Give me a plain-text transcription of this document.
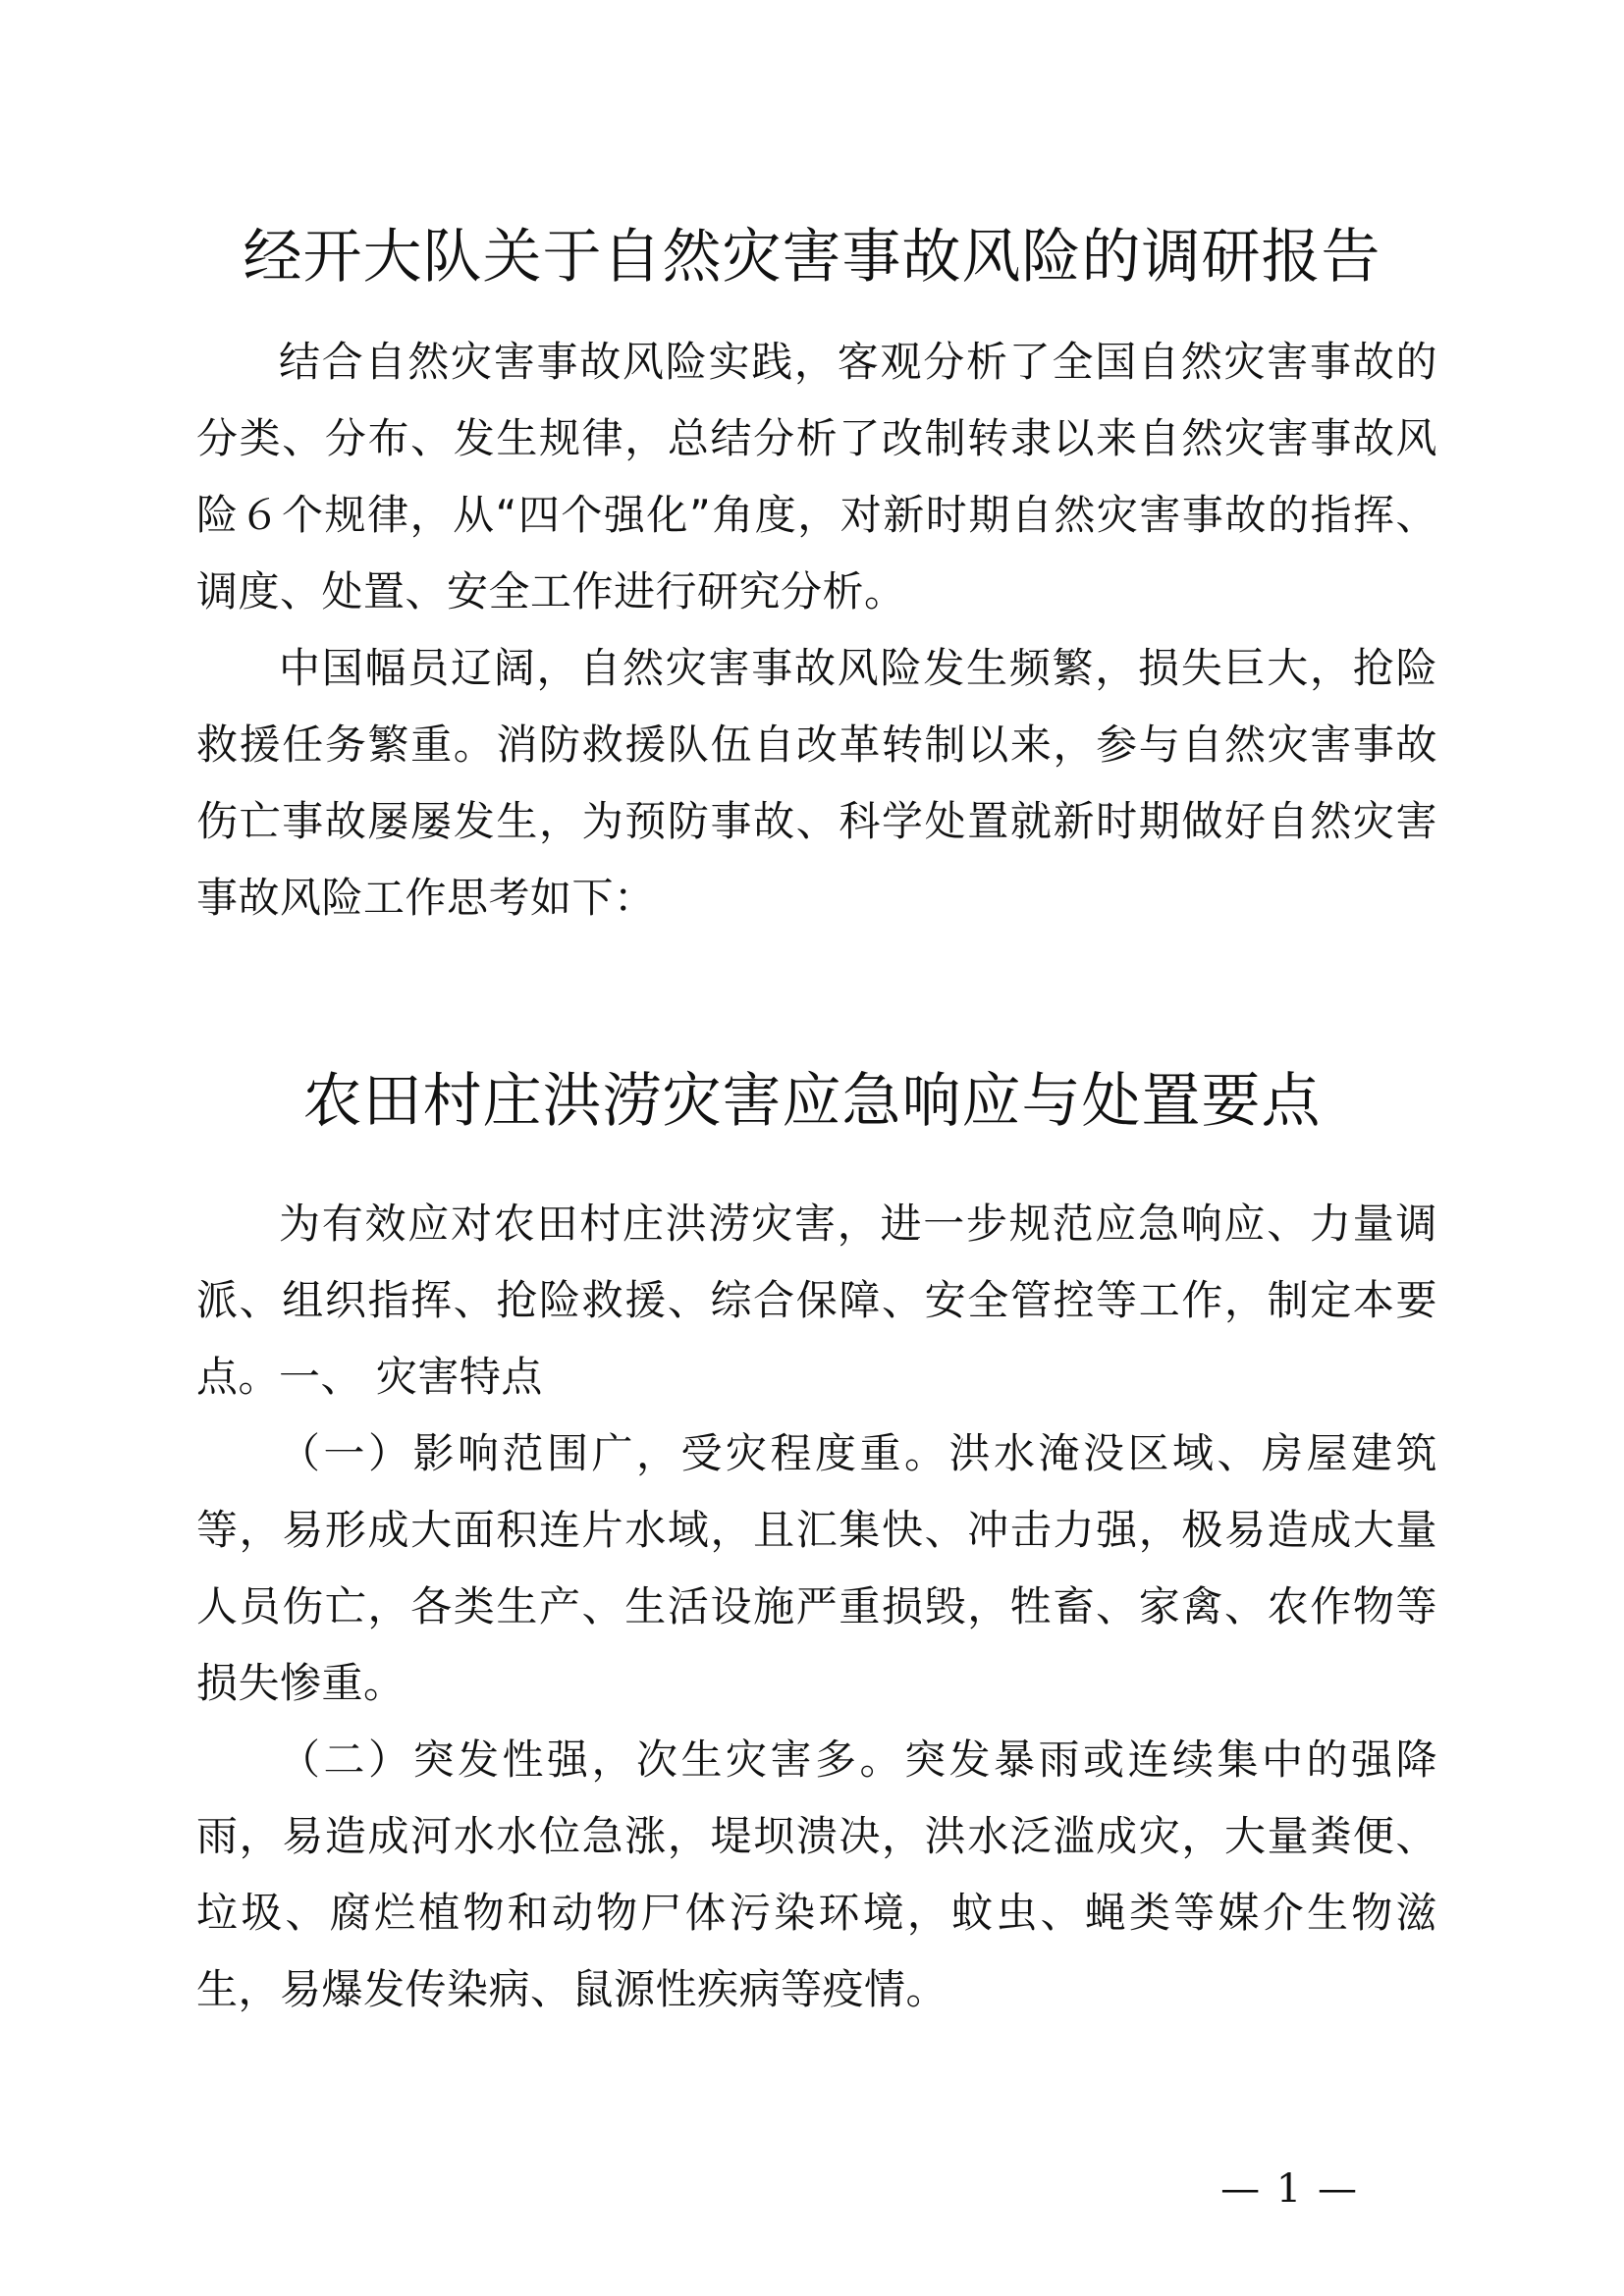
经开大队关于自然灾害事故风险的调研报告

结合自然灾害事故风险实践，客观分析了全国自然灾害事故的分类、分布、发生规律，总结分析了改制转隶以来自然灾害事故风险６个规律，从“四个强化”角度，对新时期自然灾害事故的指挥、调度、处置、安全工作进行研究分析。

中国幅员辽阔，自然灾害事故风险发生频繁，损失巨大，抢险救援任务繁重。消防救援队伍自改革转制以来，参与自然灾害事故伤亡事故屡屡发生，为预防事故、科学处置就新时期做好自然灾害事故风险工作思考如下：

农田村庄洪涝灾害应急响应与处置要点

为有效应对农田村庄洪涝灾害，进一步规范应急响应、力量调派、组织指挥、抢险救援、综合保障、安全管控等工作，制定本要点。

一、 灾害特点

（一）影响范围广，受灾程度重。洪水淹没区域、房屋建筑等，易形成大面积连片水域，且汇集快、冲击力强，极易造成大量人员伤亡，各类生产、生活设施严重损毁，牲畜、家禽、农作物等损失惨重。

（二）突发性强，次生灾害多。突发暴雨或连续集中的强降雨，易造成河水水位急涨，堤坝溃决，洪水泛滥成灾，大量粪便、垃圾、腐烂植物和动物尸体污染环境，蚊虫、蝇类等媒介生物滋生，易爆发传染病、鼠源性疾病等疫情。

— 1 —
